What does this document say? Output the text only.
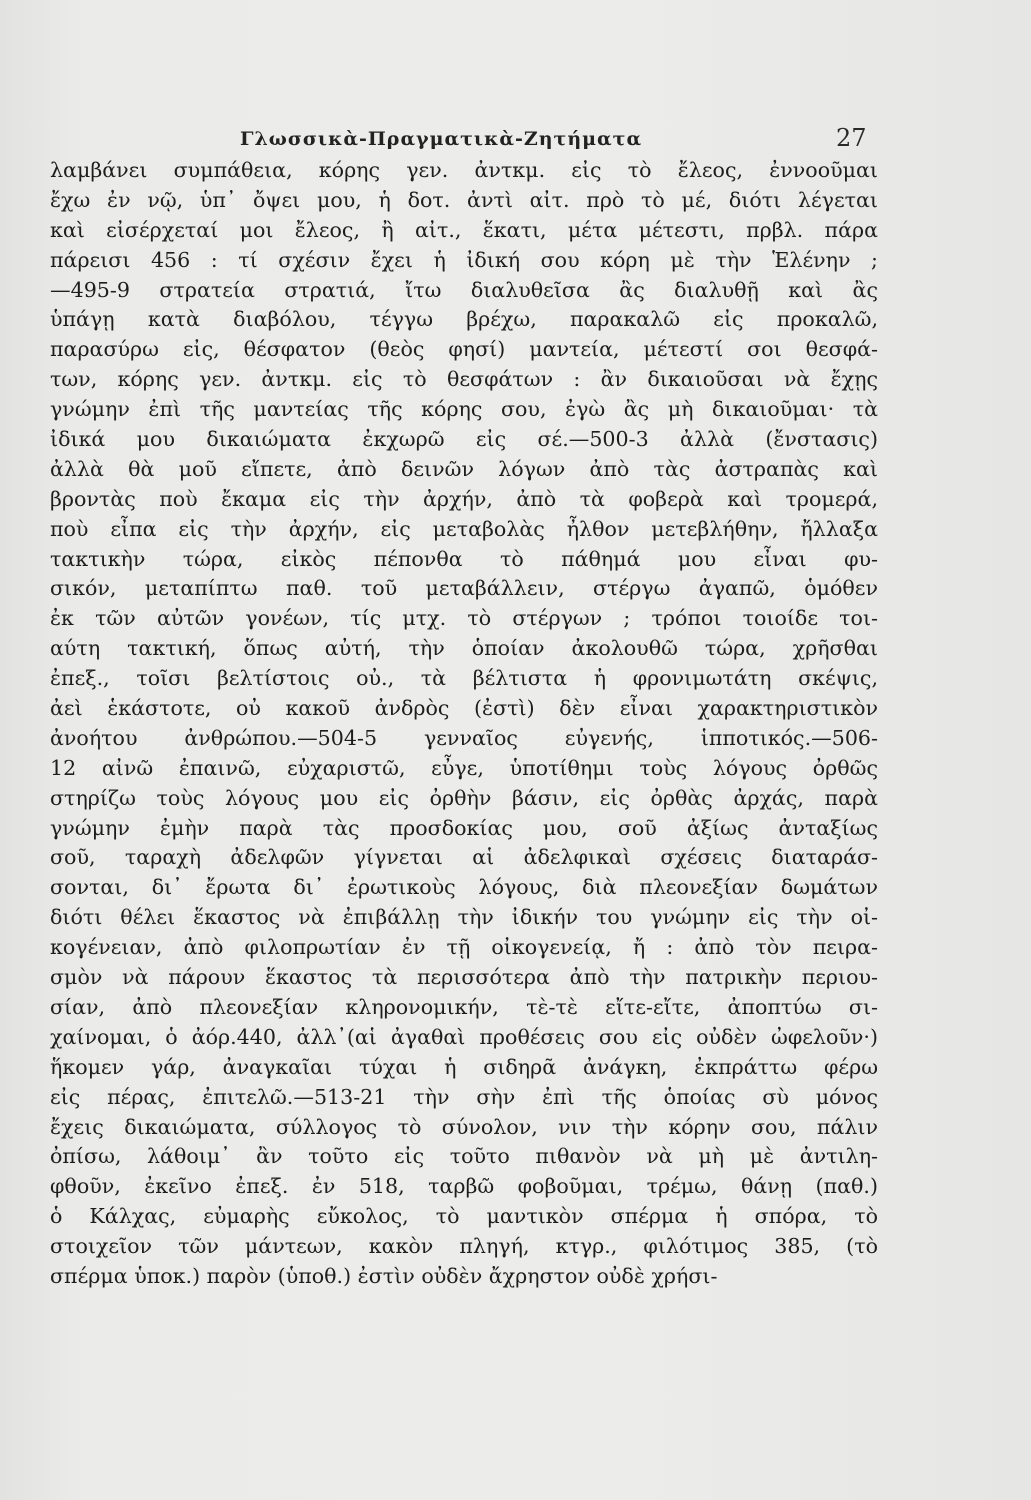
Γλωσσικὰ-Πραγματικὰ-Ζητήματα	27
λαμβάνει συμπάθεια, κόρης γεν. ἀντκμ. εἰς τὸ ἔλεος, ἐννοοῦμαι
ἔχω ἐν νῷ, ὑπ᾿ ὄψει μου, ἡ δοτ. ἀντὶ αἰτ. πρὸ τὸ μέ, διότι λέγεται
καὶ εἰσέρχεταί μοι ἔλεος, ἢ αἰτ., ἕκατι, μέτα μέτεστι, πρβλ. πάρα
πάρεισι 456 : τί σχέσιν ἔχει ἡ ἰδική σου κόρη μὲ τὴν Ἑλένην ;
—495-9 στρατεία στρατιά, ἴτω διαλυθεῖσα ἂς διαλυθῇ καὶ ἂς
ὑπάγῃ κατὰ διαβόλου, τέγγω βρέχω, παρακαλῶ εἰς προκαλῶ,
παρασύρω εἰς, θέσφατον (θεὸς φησί) μαντεία, μέτεστί σοι θεσφά-
των, κόρης γεν. ἀντκμ. εἰς τὸ θεσφάτων : ἂν δικαιοῦσαι νὰ ἔχῃς
γνώμην ἐπὶ τῆς μαντείας τῆς κόρης σου, ἐγὼ ἂς μὴ δικαιοῦμαι· τὰ
ἰδικά μου δικαιώματα ἐκχωρῶ εἰς σέ.—500-3 ἀλλὰ (ἔνστασις)
ἀλλὰ θὰ μοῦ εἴπετε, ἀπὸ δεινῶν λόγων ἀπὸ τὰς ἀστραπὰς καὶ
βροντὰς ποὺ ἔκαμα εἰς τὴν ἀρχήν, ἀπὸ τὰ φοβερὰ καὶ τρομερά,
ποὺ εἶπα εἰς τὴν ἀρχήν, εἰς μεταβολὰς ἦλθον μετεβλήθην, ἤλλαξα
τακτικὴν τώρα, εἰκὸς πέπονθα τὸ πάθημά μου εἶναι φυ-
σικόν, μεταπίπτω παθ. τοῦ μεταβάλλειν, στέργω ἀγαπῶ, ὁμόθεν
ἐκ τῶν αὐτῶν γονέων, τίς μτχ. τὸ στέργων ; τρόποι τοιοίδε τοι-
αύτη τακτική, ὅπως αὐτή, τὴν ὁποίαν ἀκολουθῶ τώρα, χρῆσθαι
ἐπεξ., τοῖσι βελτίστοις οὐ., τὰ βέλτιστα ἡ φρονιμωτάτη σκέψις,
ἀεὶ ἑκάστοτε, οὐ κακοῦ ἀνδρὸς (ἐστὶ) δὲν εἶναι χαρακτηριστικὸν
ἀνοήτου ἀνθρώπου.—504-5 γενναῖος εὐγενής, ἱπποτικός.—506-
12 αἰνῶ ἐπαινῶ, εὐχαριστῶ, εὖγε, ὑποτίθημι τοὺς λόγους ὀρθῶς
στηρίζω τοὺς λόγους μου εἰς ὀρθὴν βάσιν, εἰς ὀρθὰς ἀρχάς, παρὰ
γνώμην ἐμὴν παρὰ τὰς προσδοκίας μου, σοῦ ἀξίως ἀνταξίως
σοῦ, ταραχὴ ἀδελφῶν γίγνεται αἱ ἀδελφικαὶ σχέσεις διαταράσ-
σονται, δι᾿ ἔρωτα δι᾿ ἐρωτικοὺς λόγους, διὰ πλεονεξίαν δωμάτων
διότι θέλει ἕκαστος νὰ ἐπιβάλλῃ τὴν ἰδικήν του γνώμην εἰς τὴν οἰ-
κογένειαν, ἀπὸ φιλοπρωτίαν ἐν τῇ οἰκογενείᾳ, ἤ : ἀπὸ τὸν πειρα-
σμὸν νὰ πάρουν ἕκαστος τὰ περισσότερα ἀπὸ τὴν πατρικὴν περιου-
σίαν, ἀπὸ πλεονεξίαν κληρονομικήν, τὲ-τὲ εἴτε-εἴτε, ἀποπτύω σι-
χαίνομαι, ὁ ἀόρ.440, ἀλλ᾿(αἱ ἀγαθαὶ προθέσεις σου εἰς οὐδὲν ὠφελοῦν·)
ἥκομεν γάρ, ἀναγκαῖαι τύχαι ἡ σιδηρᾶ ἀνάγκη, ἐκπράττω φέρω
εἰς πέρας, ἐπιτελῶ.—513-21 τὴν σὴν ἐπὶ τῆς ὁποίας σὺ μόνος
ἔχεις δικαιώματα, σύλλογος τὸ σύνολον, νιν τὴν κόρην σου, πάλιν
ὀπίσω, λάθοιμ᾿ ἂν τοῦτο εἰς τοῦτο πιθανὸν νὰ μὴ μὲ ἀντιλη-
φθοῦν, ἐκεῖνο ἐπεξ. ἐν 518, ταρβῶ φοβοῦμαι, τρέμω, θάνῃ (παθ.)
ὁ Κάλχας, εὐμαρὴς εὔκολος, τὸ μαντικὸν σπέρμα ἡ σπόρα, τὸ
στοιχεῖον τῶν μάντεων, κακὸν πληγή, κτγρ., φιλότιμος 385, (τὸ
σπέρμα ὑποκ.) παρὸν (ὑποθ.) ἐστὶν οὐδὲν ἄχρηστον οὐδὲ χρήσι-
